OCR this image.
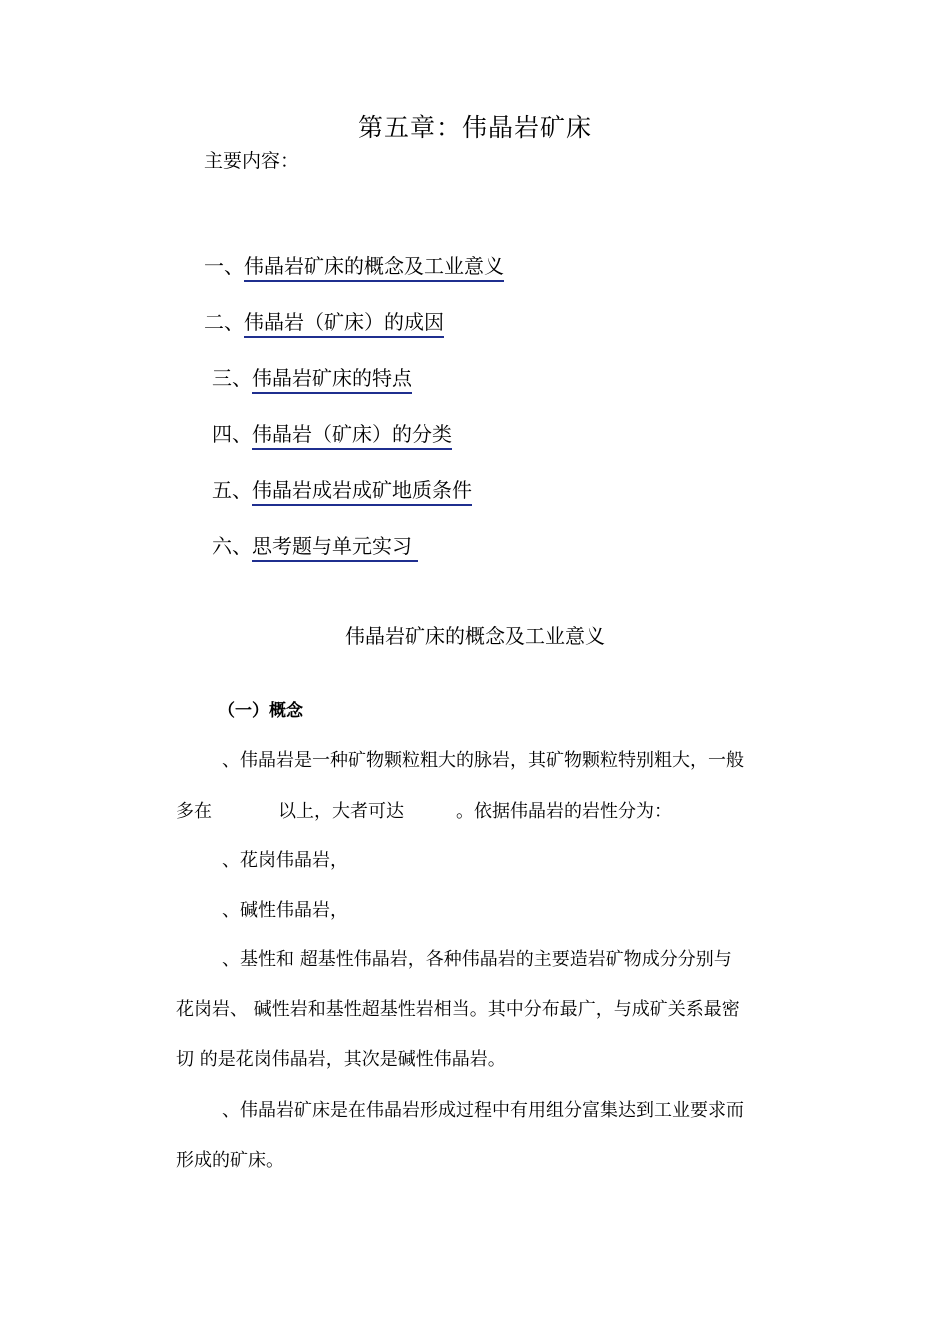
第五章：伟晶岩矿床
主要内容：
一、伟晶岩矿床的概念及工业意义
二、伟晶岩（矿床）的成因
三、伟晶岩矿床的特点
四、伟晶岩（矿床）的分类
五、伟晶岩成岩成矿地质条件
六、思考题与单元实习
伟晶岩矿床的概念及工业意义
（一）概念
、伟晶岩是一种矿物颗粒粗大的脉岩，其矿物颗粒特别粗大，一般
多在	以上，大者可达	。依据伟晶岩的岩性分为：
、花岗伟晶岩，
、碱性伟晶岩，
、基性和 超基性伟晶岩，各种伟晶岩的主要造岩矿物成分分别与
花岗岩、 碱性岩和基性超基性岩相当。其中分布最广，与成矿关系最密
切 的是花岗伟晶岩，其次是碱性伟晶岩。
、伟晶岩矿床是在伟晶岩形成过程中有用组分富集达到工业要求而
形成的矿床。
